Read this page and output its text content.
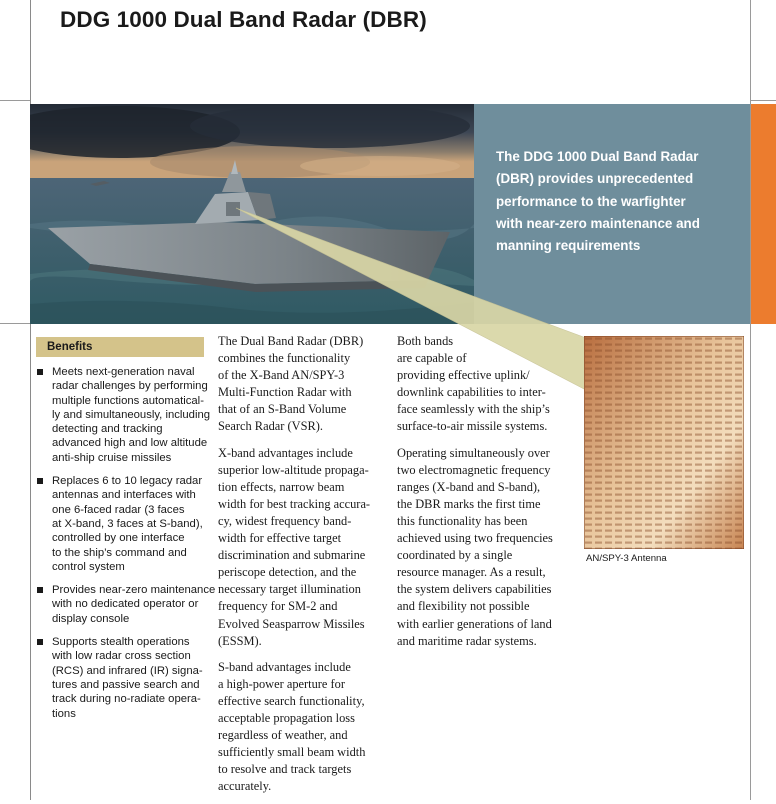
DDG 1000 Dual Band Radar (DBR)
The DDG 1000 Dual Band Radar
(DBR) provides unprecedented
performance to the warfighter
with near-zero maintenance and
manning requirements
Benefits
Meets next-generation naval
radar challenges by performing
multiple functions automatical-
ly and simultaneously, including
detecting and tracking
advanced high and low altitude
anti-ship cruise missiles
Replaces 6 to 10 legacy radar
antennas and interfaces with
one 6-faced radar (3 faces
at X-band, 3 faces at S-band),
controlled by one interface
to the ship’s command and
control system
Provides near-zero maintenance
with no dedicated operator or
display console
Supports stealth operations
with low radar cross section
(RCS) and infrared (IR) signa-
tures and passive search and
track during no-radiate opera-
tions

The Dual Band Radar (DBR)
combines the functionality
of the X-Band AN/SPY-3
Multi-Function Radar with
that of an S-Band Volume
Search Radar (VSR).

X-band advantages include
superior low-altitude propaga-
tion effects, narrow beam
width for best tracking accura-
cy, widest frequency band-
width for effective target
discrimination and submarine
periscope detection, and the
necessary target illumination
frequency for SM-2 and
Evolved Seasparrow Missiles
(ESSM).

S-band advantages include
a high-power aperture for
effective search functionality,
acceptable propagation loss
regardless of weather, and
sufficiently small beam width
to resolve and track targets
accurately.

Both bands
are capable of
providing effective uplink/
downlink capabilities to inter-
face seamlessly with the ship’s
surface-to-air missile systems.

Operating simultaneously over
two electromagnetic frequency
ranges (X-band and S-band),
the DBR marks the first time
this functionality has been
achieved using two frequencies
coordinated by a single
resource manager. As a result,
the system delivers capabilities
and flexibility not possible
with earlier generations of land
and maritime radar systems.

AN/SPY-3 Antenna
